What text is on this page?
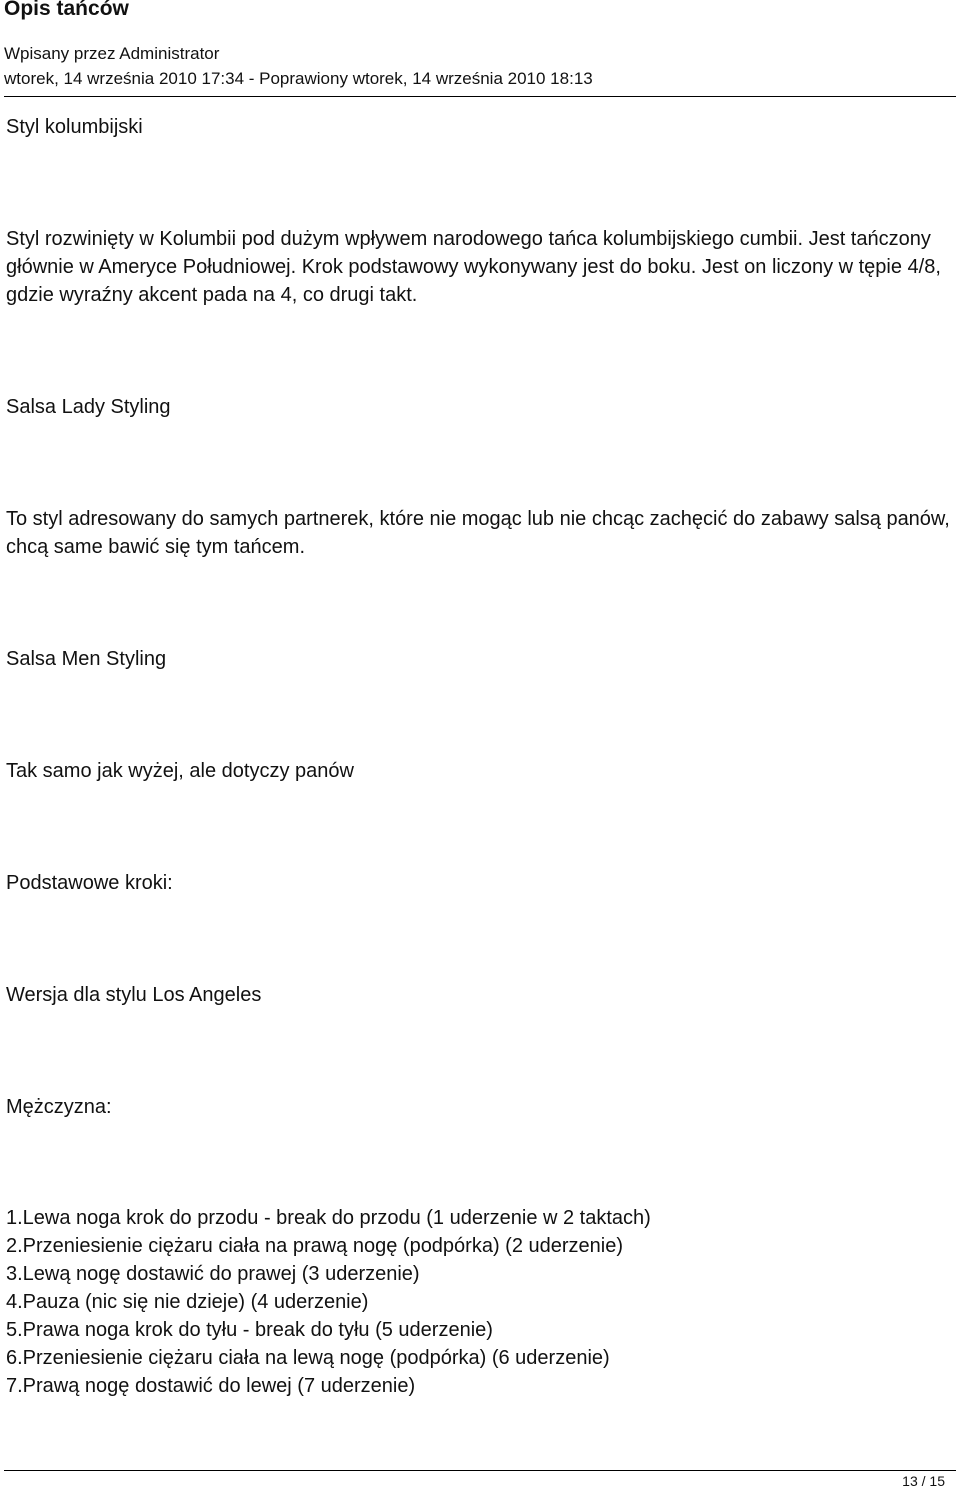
Opis tańców
Wpisany przez Administrator
wtorek, 14 września 2010 17:34 - Poprawiony wtorek, 14 września 2010 18:13

Styl kolumbijski

Styl rozwinięty w Kolumbii pod dużym wpływem narodowego tańca kolumbijskiego cumbii. Jest tańczony głównie w Ameryce Południowej. Krok podstawowy wykonywany jest do boku. Jest on liczony w tępie 4/8, gdzie wyraźny akcent pada na 4, co drugi takt.

Salsa Lady Styling

To styl adresowany do samych partnerek, które nie mogąc lub nie chcąc zachęcić do zabawy salsą panów, chcą same bawić się tym tańcem.

Salsa Men Styling

Tak samo jak wyżej, ale dotyczy panów

Podstawowe kroki:

Wersja dla stylu Los Angeles

Mężczyzna:

1.Lewa noga krok do przodu - break do przodu (1 uderzenie w 2 taktach)
2.Przeniesienie ciężaru ciała na prawą nogę (podpórka) (2 uderzenie)
3.Lewą nogę dostawić do prawej (3 uderzenie)
4.Pauza (nic się nie dzieje) (4 uderzenie)
5.Prawa noga krok do tyłu - break do tyłu (5 uderzenie)
6.Przeniesienie ciężaru ciała na lewą nogę (podpórka) (6 uderzenie)
7.Prawą nogę dostawić do lewej (7 uderzenie)
13 / 15
